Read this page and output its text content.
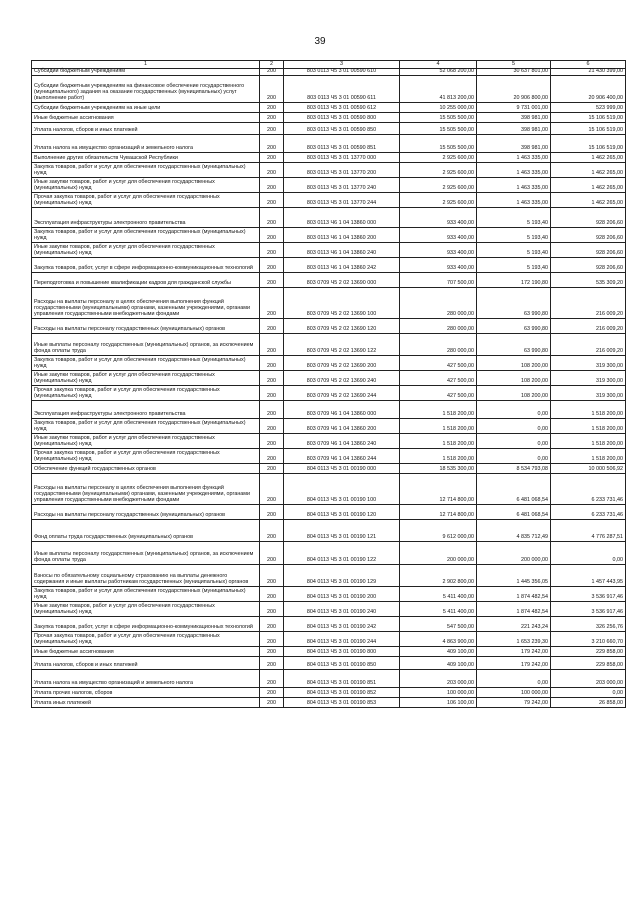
39
1	2	3	4	5	6
Субсидии бюджетным учреждениям	200	803 0113 Ч5 3 01 00590 610	52 068 200,00	30 637 801,00	21 430 399,00
Субсидии бюджетным учреждениям на финансовое обеспечение государственного (муниципального) задания на оказание государственных (муниципальных) услуг (выполнение работ)	200	803 0113 Ч5 3 01 00590 611	41 813 200,00	20 906 800,00	20 906 400,00
Субсидии бюджетным учреждениям на иные цели	200	803 0113 Ч5 3 01 00590 612	10 255 000,00	9 731 001,00	523 999,00
Иные бюджетные ассигнования	200	803 0113 Ч5 3 01 00590 800	15 505 500,00	398 981,00	15 106 519,00
Уплата налогов, сборов и иных платежей	200	803 0113 Ч5 3 01 00590 850	15 505 500,00	398 981,00	15 106 519,00
Уплата налога на имущество организаций и земельного налога	200	803 0113 Ч5 3 01 00590 851	15 505 500,00	398 981,00	15 106 519,00
Выполнение других обязательств Чувашской Республики	200	803 0113 Ч5 3 01 13770 000	2 925 600,00	1 463 335,00	1 462 265,00
Закупка товаров, работ и услуг для обеспечения государственных (муниципальных) нужд	200	803 0113 Ч5 3 01 13770 200	2 925 600,00	1 463 335,00	1 462 265,00
Иные закупки товаров, работ и услуг для обеспечения государственных (муниципальных) нужд	200	803 0113 Ч5 3 01 13770 240	2 925 600,00	1 463 335,00	1 462 265,00
Прочая закупка товаров, работ и услуг для обеспечения государственных (муниципальных) нужд	200	803 0113 Ч5 3 01 13770 244	2 925 600,00	1 463 335,00	1 462 265,00
Эксплуатация инфраструктуры электронного правительства	200	803 0113 Ч6 1 04 13860 000	933 400,00	5 193,40	928 206,60
Закупка товаров, работ и услуг для обеспечения государственных (муниципальных) нужд	200	803 0113 Ч6 1 04 13860 200	933 400,00	5 193,40	928 206,60
Иные закупки товаров, работ и услуг для обеспечения государственных (муниципальных) нужд	200	803 0113 Ч6 1 04 13860 240	933 400,00	5 193,40	928 206,60
Закупка товаров, работ, услуг в сфере информационно-коммуникационных технологий	200	803 0113 Ч6 1 04 13860 242	933 400,00	5 193,40	928 206,60
Переподготовка и повышение квалификации кадров для гражданской службы	200	803 0709 Ч5 2 02 13690 000	707 500,00	172 190,80	535 309,20
Расходы на выплаты персоналу в целях обеспечения выполнения функций государственными (муниципальными) органами, казенными учреждениями, органами управления государственными внебюджетными фондами	200	803 0709 Ч5 2 02 13690 100	280 000,00	63 990,80	216 009,20
Расходы на выплаты персоналу государственных (муниципальных) органов	200	803 0709 Ч5 2 02 13690 120	280 000,00	63 990,80	216 009,20
Иные выплаты персоналу государственных (муниципальных) органов, за исключением фонда оплаты труда	200	803 0709 Ч5 2 02 13690 122	280 000,00	63 990,80	216 009,20
Закупка товаров, работ и услуг для обеспечения государственных (муниципальных) нужд	200	803 0709 Ч5 2 02 13690 200	427 500,00	108 200,00	319 300,00
Иные закупки товаров, работ и услуг для обеспечения государственных (муниципальных) нужд	200	803 0709 Ч5 2 02 13690 240	427 500,00	108 200,00	319 300,00
Прочая закупка товаров, работ и услуг для обеспечения государственных (муниципальных) нужд	200	803 0709 Ч5 2 02 13690 244	427 500,00	108 200,00	319 300,00
Эксплуатация инфраструктуры электронного правительства	200	803 0709 Ч6 1 04 13860 000	1 518 200,00	0,00	1 518 200,00
Закупка товаров, работ и услуг для обеспечения государственных (муниципальных) нужд	200	803 0709 Ч6 1 04 13860 200	1 518 200,00	0,00	1 518 200,00
Иные закупки товаров, работ и услуг для обеспечения государственных (муниципальных) нужд	200	803 0709 Ч6 1 04 13860 240	1 518 200,00	0,00	1 518 200,00
Прочая закупка товаров, работ и услуг для обеспечения государственных (муниципальных) нужд	200	803 0709 Ч6 1 04 13860 244	1 518 200,00	0,00	1 518 200,00
Обеспечение функций государственных органов	200	804 0113 Ч5 3 01 00190 000	18 535 300,00	8 534 793,08	10 000 506,92
Расходы на выплаты персоналу в целях обеспечения выполнения функций государственными (муниципальными) органами, казенными учреждениями, органами управления государственными внебюджетными фондами	200	804 0113 Ч5 3 01 00190 100	12 714 800,00	6 481 068,54	6 233 731,46
Расходы на выплаты персоналу государственных (муниципальных) органов	200	804 0113 Ч5 3 01 00190 120	12 714 800,00	6 481 068,54	6 233 731,46
Фонд оплаты труда государственных (муниципальных) органов	200	804 0113 Ч5 3 01 00190 121	9 612 000,00	4 835 712,49	4 776 287,51
Иные выплаты персоналу государственных (муниципальных) органов, за исключением фонда оплаты труда	200	804 0113 Ч5 3 01 00190 122	200 000,00	200 000,00	0,00
Взносы по обязательному социальному страхованию на выплаты денежного содержания и иные выплаты работникам государственных (муниципальных) органов	200	804 0113 Ч5 3 01 00190 129	2 902 800,00	1 445 356,05	1 457 443,95
Закупка товаров, работ и услуг для обеспечения государственных (муниципальных) нужд	200	804 0113 Ч5 3 01 00190 200	5 411 400,00	1 874 482,54	3 536 917,46
Иные закупки товаров, работ и услуг для обеспечения государственных (муниципальных) нужд	200	804 0113 Ч5 3 01 00190 240	5 411 400,00	1 874 482,54	3 536 917,46
Закупка товаров, работ, услуг в сфере информационно-коммуникационных технологий	200	804 0113 Ч5 3 01 00190 242	547 500,00	221 243,24	326 256,76
Прочая закупка товаров, работ и услуг для обеспечения государственных (муниципальных) нужд	200	804 0113 Ч5 3 01 00190 244	4 863 900,00	1 653 239,30	3 210 660,70
Иные бюджетные ассигнования	200	804 0113 Ч5 3 01 00190 800	409 100,00	179 242,00	229 858,00
Уплата налогов, сборов и иных платежей	200	804 0113 Ч5 3 01 00190 850	409 100,00	179 242,00	229 858,00
Уплата налога на имущество организаций и земельного налога	200	804 0113 Ч5 3 01 00190 851	203 000,00	0,00	203 000,00
Уплата прочих налогов, сборов	200	804 0113 Ч5 3 01 00190 852	100 000,00	100 000,00	0,00
Уплата иных платежей	200	804 0113 Ч5 3 01 00190 853	106 100,00	79 242,00	26 858,00
